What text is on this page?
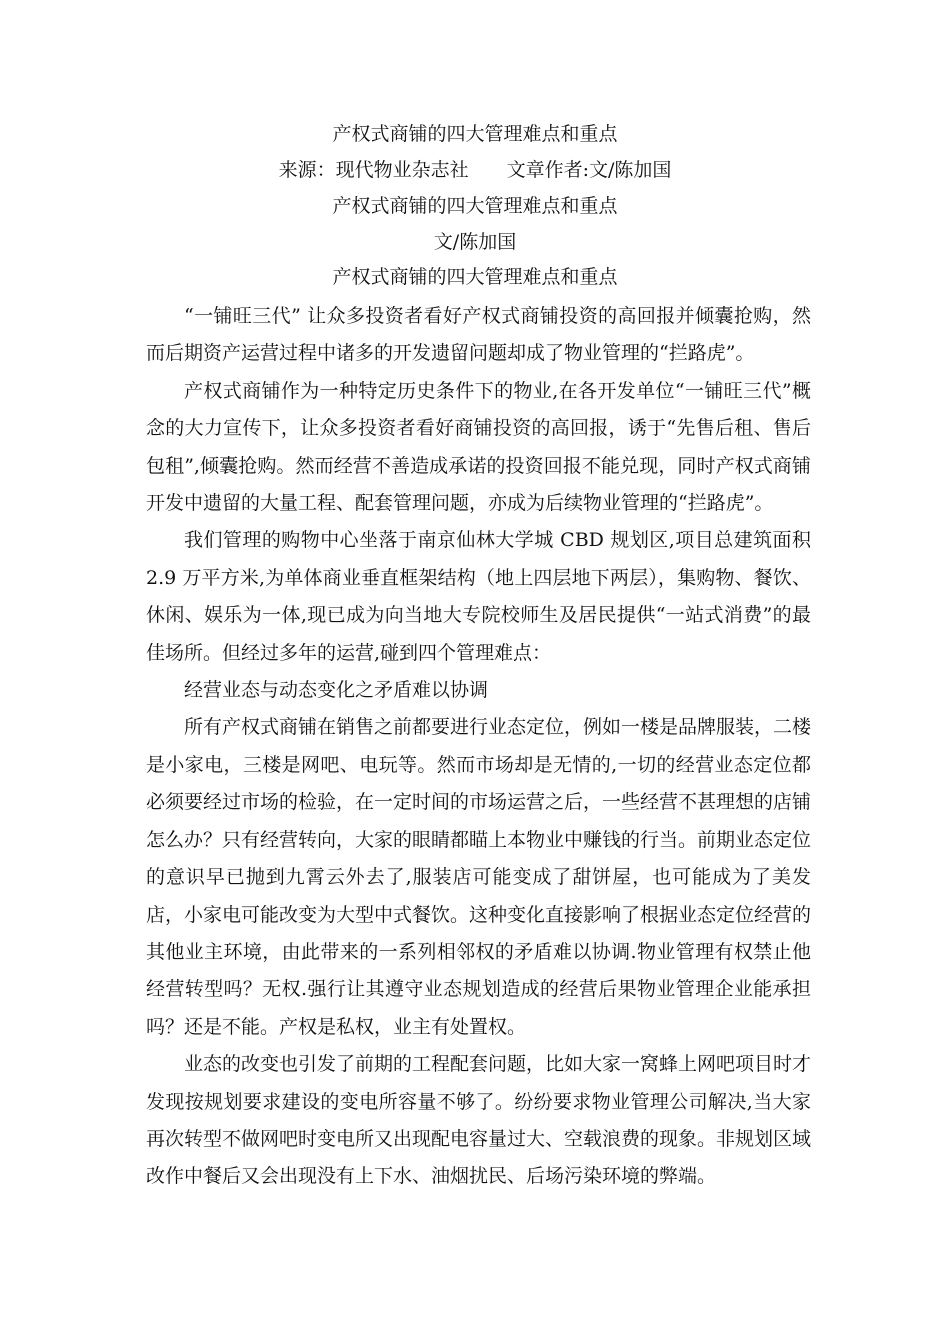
产权式商铺的四大管理难点和重点
来源：现代物业杂志社 文章作者:文/陈加国
产权式商铺的四大管理难点和重点
文/陈加国
产权式商铺的四大管理难点和重点

“一铺旺三代” 让众多投资者看好产权式商铺投资的高回报并倾囊抢购，然而后期资产运营过程中诸多的开发遗留问题却成了物业管理的“拦路虎”。

产权式商铺作为一种特定历史条件下的物业,在各开发单位“一铺旺三代”概念的大力宣传下，让众多投资者看好商铺投资的高回报，诱于“先售后租、售后包租”,倾囊抢购。然而经营不善造成承诺的投资回报不能兑现，同时产权式商铺开发中遗留的大量工程、配套管理问题，亦成为后续物业管理的“拦路虎”。

我们管理的购物中心坐落于南京仙林大学城 CBD 规划区,项目总建筑面积 2.9 万平方米,为单体商业垂直框架结构（地上四层地下两层），集购物、餐饮、休闲、娱乐为一体,现已成为向当地大专院校师生及居民提供“一站式消费”的最佳场所。但经过多年的运营,碰到四个管理难点：

经营业态与动态变化之矛盾难以协调

所有产权式商铺在销售之前都要进行业态定位，例如一楼是品牌服装，二楼是小家电，三楼是网吧、电玩等。然而市场却是无情的,一切的经营业态定位都必须要经过市场的检验，在一定时间的市场运营之后，一些经营不甚理想的店铺怎么办？只有经营转向，大家的眼睛都瞄上本物业中赚钱的行当。前期业态定位的意识早已抛到九霄云外去了,服装店可能变成了甜饼屋，也可能成为了美发店，小家电可能改变为大型中式餐饮。这种变化直接影响了根据业态定位经营的其他业主环境，由此带来的一系列相邻权的矛盾难以协调.物业管理有权禁止他经营转型吗？无权.强行让其遵守业态规划造成的经营后果物业管理企业能承担吗？还是不能。产权是私权，业主有处置权。

业态的改变也引发了前期的工程配套问题，比如大家一窝蜂上网吧项目时才发现按规划要求建设的变电所容量不够了。纷纷要求物业管理公司解决,当大家再次转型不做网吧时变电所又出现配电容量过大、空载浪费的现象。非规划区域改作中餐后又会出现没有上下水、油烟扰民、后场污染环境的弊端。
